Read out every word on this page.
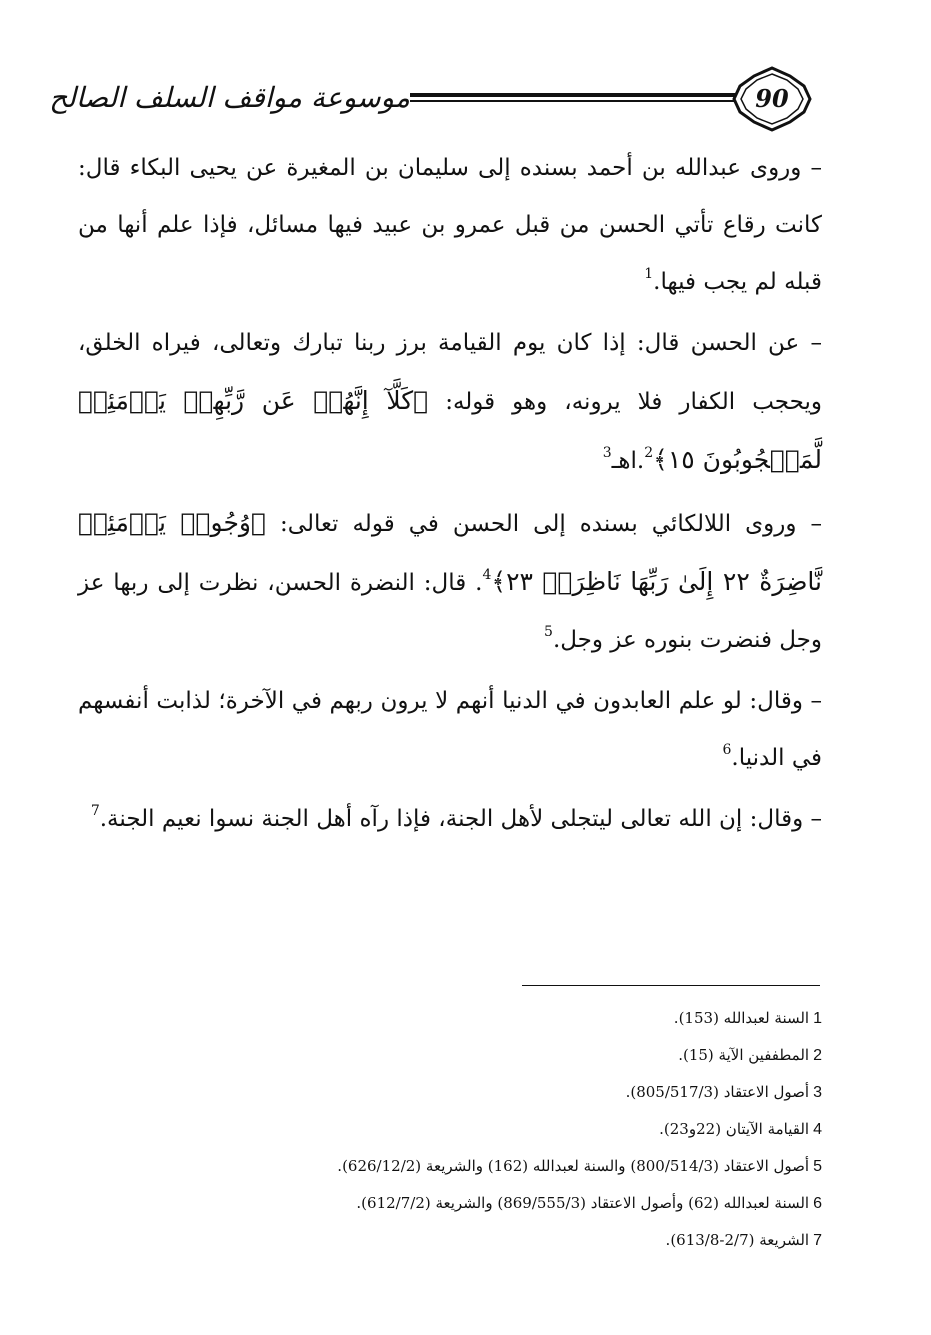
موسوعة مواقف السلف الصالح	90

– وروى عبدالله بن أحمد بسنده إلى سليمان بن المغيرة عن يحيى البكاء قال: كانت رقاع تأتي الحسن من قبل عمرو بن عبيد فيها مسائل، فإذا علم أنها من قبله لم يجب فيها.$^1$

– عن الحسن قال: إذا كان يوم القيامة برز ربنا تبارك وتعالى، فيراه الخلق، ويحجب الكفار فلا يرونه، وهو قوله: ﴿كَلَّآ إِنَّهُمۡ عَن رَّبِّهِمۡ يَوۡمَئِذٖ لَّمَحۡجُوبُونَ ١٥﴾$^2$.اهـ$^3$

– وروى اللالكائي بسنده إلى الحسن في قوله تعالى: ﴿وُجُوهٞ يَوۡمَئِذٖ نَّاضِرَةٌ ٢٢ إِلَىٰ رَبِّهَا نَاظِرَةٞ ٢٣﴾$^4$. قال: النضرة الحسن، نظرت إلى ربها عز وجل فنضرت بنوره عز وجل.$^5$

– وقال: لو علم العابدون في الدنيا أنهم لا يرون ربهم في الآخرة؛ لذابت أنفسهم في الدنيا.$^6$

– وقال: إن الله تعالى ليتجلى لأهل الجنة، فإذا رآه أهل الجنة نسوا نعيم الجنة.$^7$

1السنة لعبدالله (153).
2المطففين الآية (15).
3أصول الاعتقاد (805/517/3).
4القيامة الآيتان (22و23).
5أصول الاعتقاد (800/514/3) والسنة لعبدالله (162) والشريعة (626/12/2).
6السنة لعبدالله (62) وأصول الاعتقاد (869/555/3) والشريعة (612/7/2).
7الشريعة (2/7-613/8).
